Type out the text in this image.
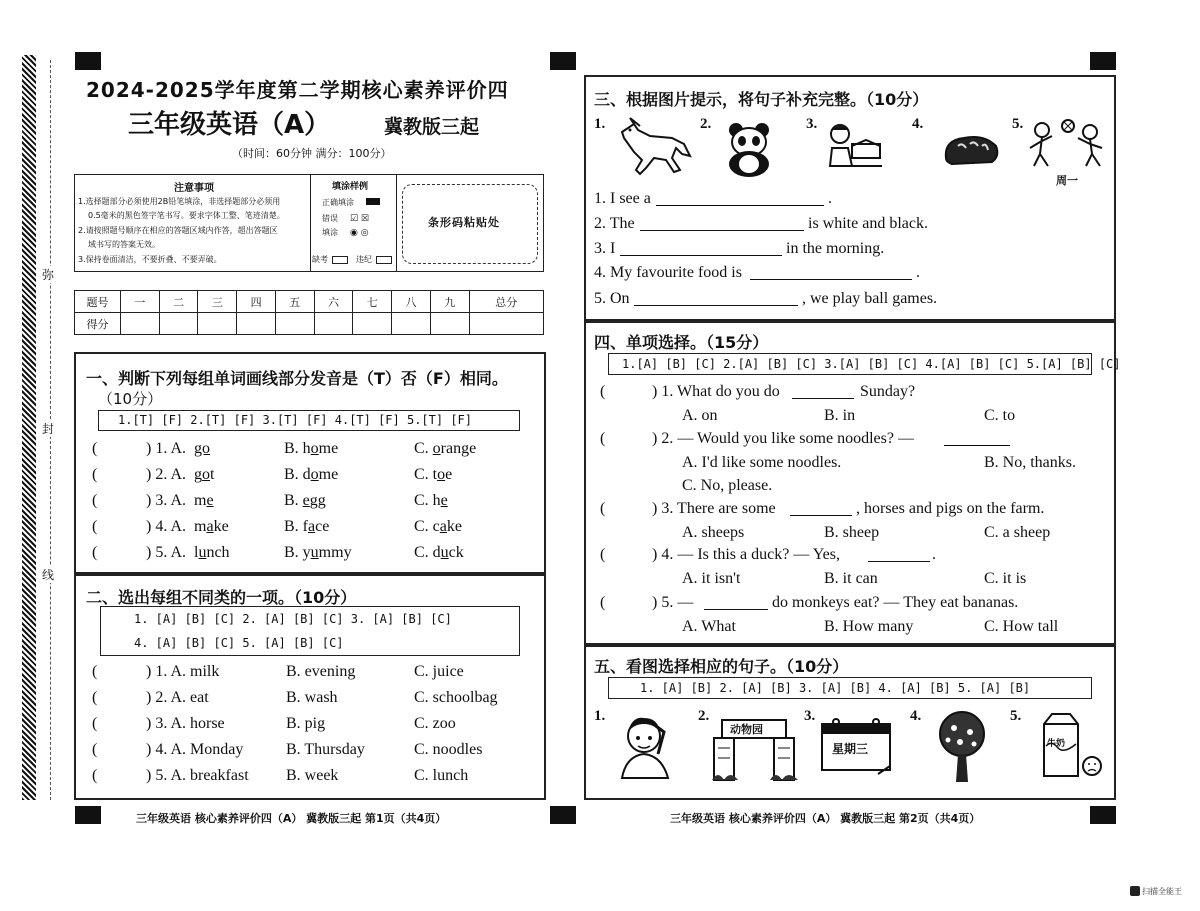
弥
封
线
2024-2025学年度第二学期核心素养评价四
三年级英语（A）	冀教版三起
（时间：60分钟 满分：100分）
注意事项
1.选择题部分必须使用2B铅笔填涂，非选择题部分必须用
0.5毫米的黑色签字笔书写。要求字体工整、笔迹清楚。
2.请按照题号顺序在相应的答题区域内作答，超出答题区
域书写的答案无效。
3.保持卷面清洁，不要折叠、不要弄破。
填涂样例
正确填涂
错误
填涂
☑ ☒
◉ ◎
缺考	违纪
条形码粘贴处
题号	一	二	三	四	五	六	七	八	九	总分
得分										
一、判断下列每组单词画线部分发音是（T）否（F）相同。
（10分）
1.[T] [F] 2.[T] [F] 3.[T] [F] 4.[T] [F] 5.[T] [F]
(	) 1. A. go	B. home	C. orange
(	) 2. A. got	B. dome	C. toe
(	) 3. A. me	B. egg	C. he
(	) 4. A. make	B. face	C. cake
(	) 5. A. lunch	B. yummy	C. duck
二、选出每组不同类的一项。（10分）
1. [A] [B] [C] 2. [A] [B] [C] 3. [A] [B] [C]
4. [A] [B] [C] 5. [A] [B] [C]
(	) 1. A. milk	B. evening	C. juice
(	) 2. A. eat	B. wash	C. schoolbag
(	) 3. A. horse	B. pig	C. zoo
(	) 4. A. Monday	B. Thursday	C. noodles
(	) 5. A. breakfast B. week	C. lunch
三年级英语 核心素养评价四（A） 冀教版三起 第1页（共4页）
三、根据图片提示，将句子补充完整。（10分）
1.	2.	3.	4.	5.
周一
1. I see a	.
2. The	is white and black.
3. I	in the morning.
4. My favourite food is	.
5. On	, we play ball games.
四、单项选择。（15分）
1.[A] [B] [C] 2.[A] [B] [C] 3.[A] [B] [C] 4.[A] [B] [C] 5.[A] [B] [C]
(	) 1. What do you do	Sunday?
A. on	B. in	C. to
(	) 2. — Would you like some noodles? —
A. I'd like some noodles.	B. No, thanks.
C. No, please.
(	) 3. There are some	, horses and pigs on the farm.
A. sheeps	B. sheep	C. a sheep
(	) 4. — Is this a duck? — Yes,	.
A. it isn't	B. it can	C. it is
(	) 5. —	do monkeys eat? — They eat bananas.
A. What	B. How many	C. How tall
五、看图选择相应的句子。（10分）
1. [A] [B] 2. [A] [B] 3. [A] [B] 4. [A] [B] 5. [A] [B]
1.	2.	3.	4.	5.
动物园
星期三	牛奶
三年级英语 核心素养评价四（A） 冀教版三起 第2页（共4页）
扫描全能王
